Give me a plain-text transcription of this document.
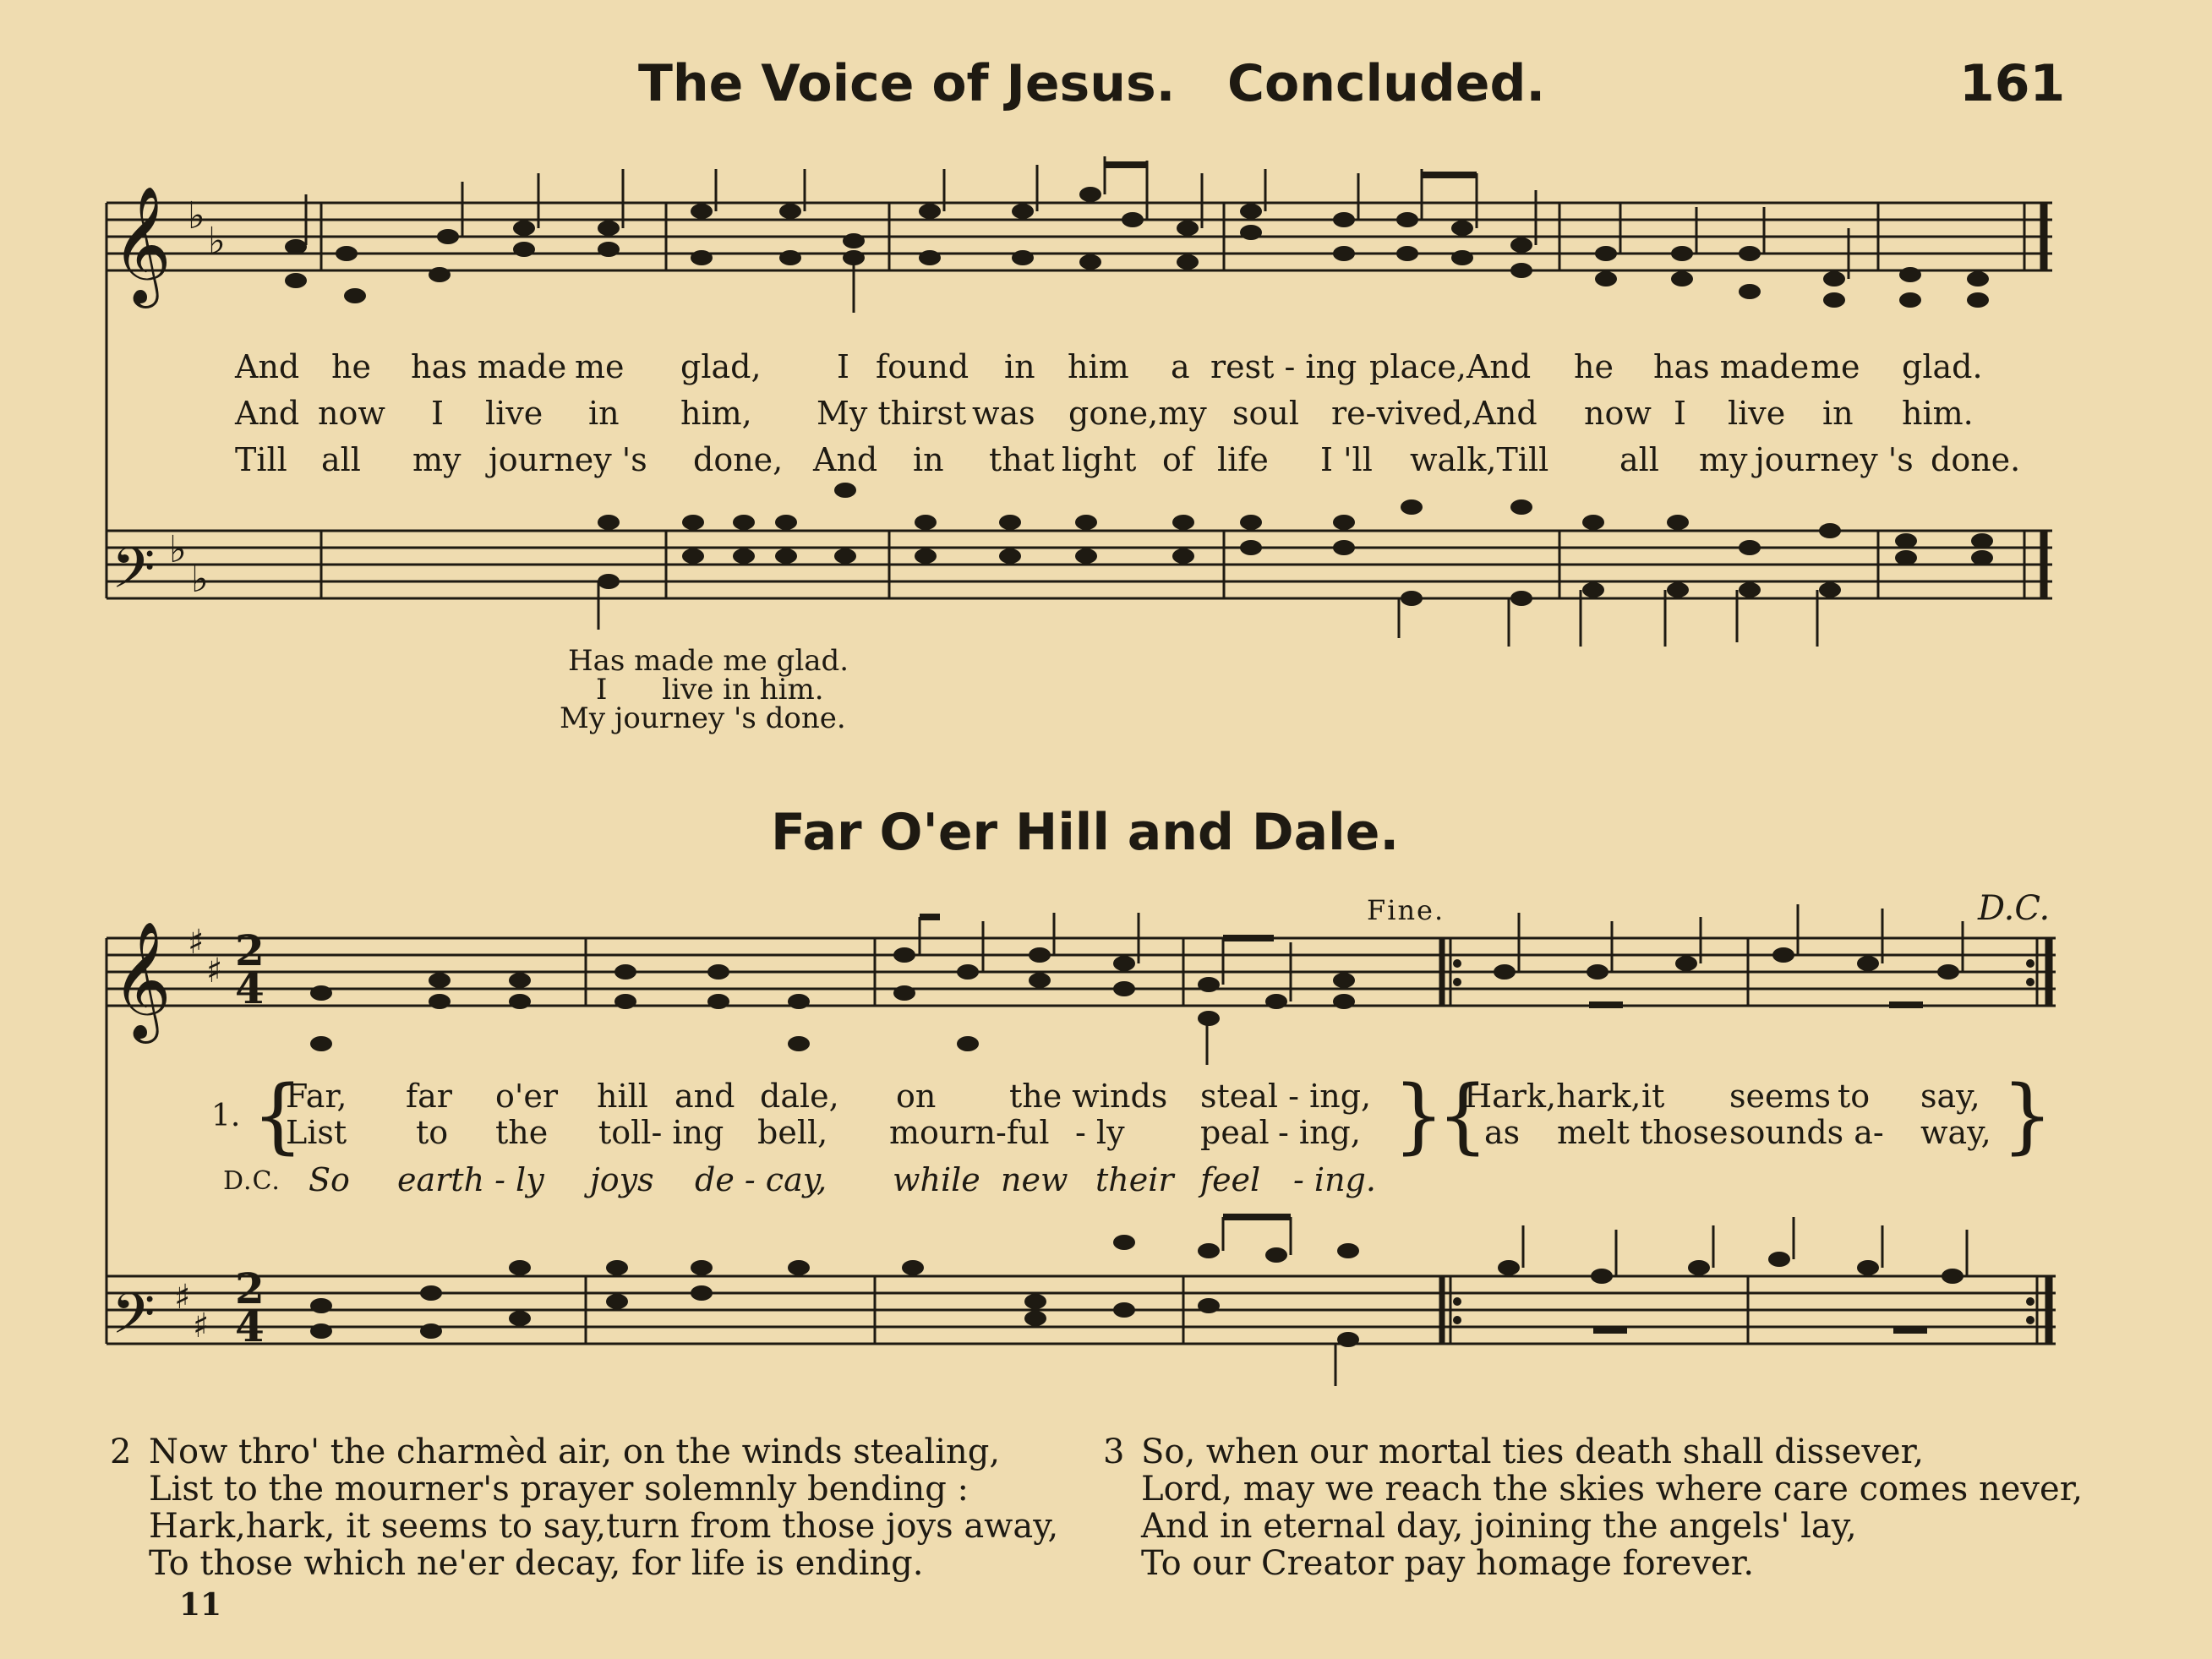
The Voice of Jesus. Concluded.	161
Far O'er Hill and Dale.
𝄞
𝄢
♭
♭
♭
♭
𝄞 ♯
♯
𝄢 ♯
♯
And he has made me glad, I found in him a rest - ing place,And he has made me glad.
And now I live in him, My thirst was gone,my soul re-vived,And now I live in him.
Till all my journey 's done, And in that light of life I 'll walk,Till all my journey 's done.
Has made me glad.
I      live in him.
My journey 's done.
Fine.	D.C.
2
4
2
4
1. {	}
{	}
Far, far o'er hill and dale, on the winds steal - ing,	Hark,hark, it seems to say,
List to the toll- ing bell, mourn-ful - ly peal - ing,	as melt those sounds a- way,
D.C. So earth - ly joys de - cay, while new their feel - ing.
2 Now thro' the charmèd air, on the winds stealing,
List to the mourner's prayer solemnly bending :
Hark,hark, it seems to say,turn from those joys away,
To those which ne'er decay, for life is ending.
3 So, when our mortal ties death shall dissever,
Lord, may we reach the skies where care comes never,
And in eternal day, joining the angels' lay,
To our Creator pay homage forever.
11
